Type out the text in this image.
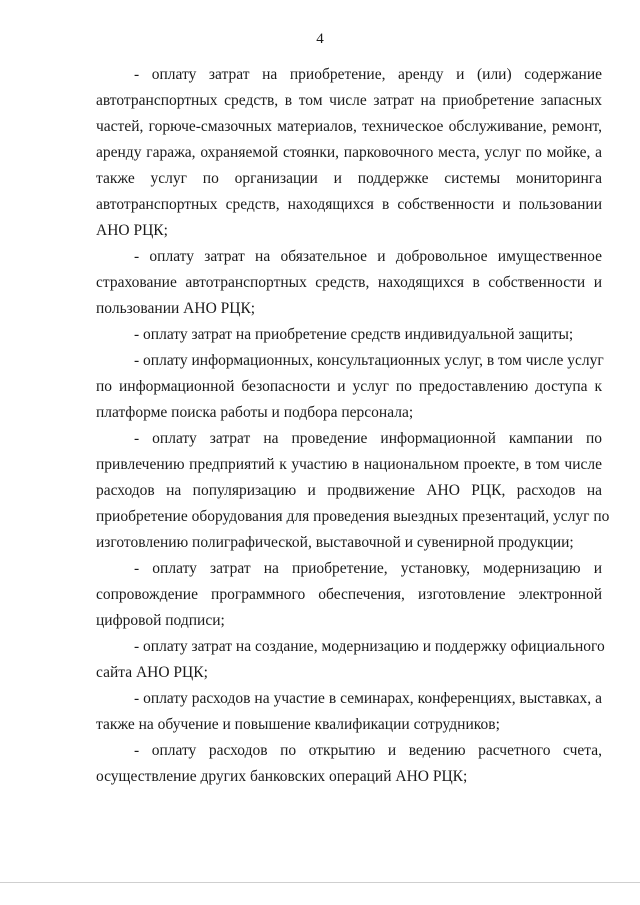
4
- оплату затрат на приобретение, аренду и (или) содержание
автотранспортных средств, в том числе затрат на приобретение запасных
частей, горюче-смазочных материалов, техническое обслуживание, ремонт,
аренду гаража, охраняемой стоянки, парковочного места, услуг по мойке, а
также услуг по организации и поддержке системы мониторинга
автотранспортных средств, находящихся в собственности и пользовании
АНО РЦК;
- оплату затрат на обязательное и добровольное имущественное
страхование автотранспортных средств, находящихся в собственности и
пользовании АНО РЦК;
- оплату затрат на приобретение средств индивидуальной защиты;
- оплату информационных, консультационных услуг, в том числе услуг
по информационной безопасности и услуг по предоставлению доступа к
платформе поиска работы и подбора персонала;
- оплату затрат на проведение информационной кампании по
привлечению предприятий к участию в национальном проекте, в том числе
расходов на популяризацию и продвижение АНО РЦК, расходов на
приобретение оборудования для проведения выездных презентаций, услуг по
изготовлению полиграфической, выставочной и сувенирной продукции;
- оплату затрат на приобретение, установку, модернизацию и
сопровождение программного обеспечения, изготовление электронной
цифровой подписи;
- оплату затрат на создание, модернизацию и поддержку официального
сайта АНО РЦК;
- оплату расходов на участие в семинарах, конференциях, выставках, а
также на обучение и повышение квалификации сотрудников;
- оплату расходов по открытию и ведению расчетного счета,
осуществление других банковских операций АНО РЦК;
